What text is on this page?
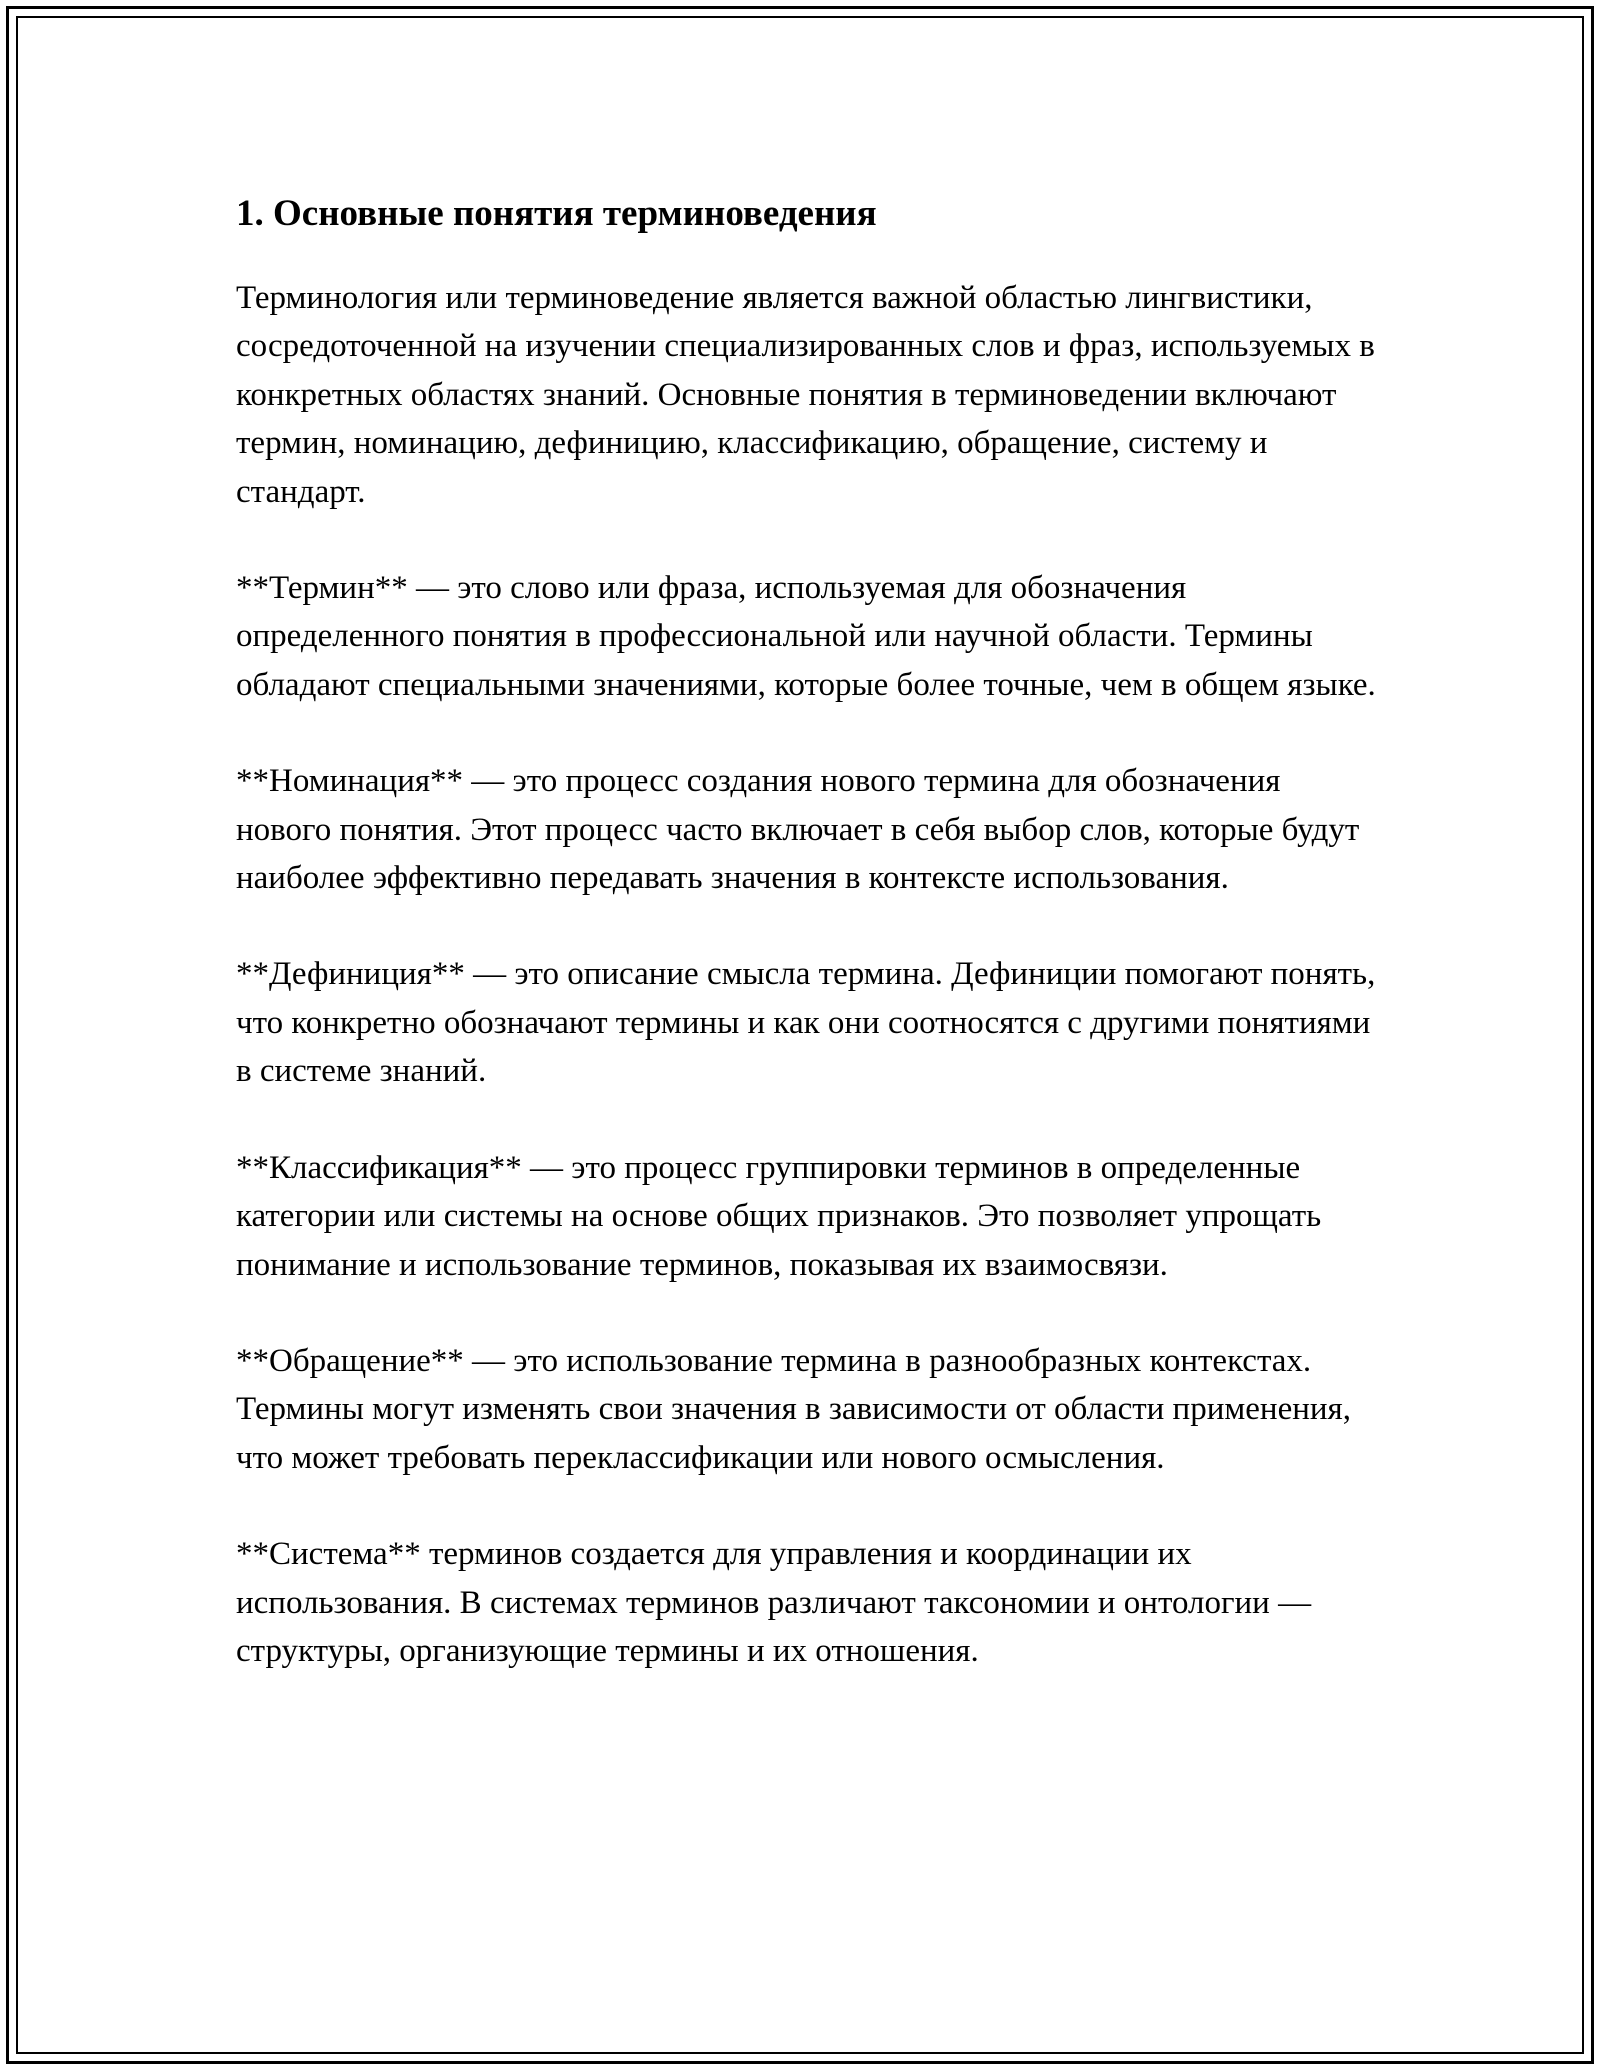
1. Основные понятия терминоведения

Терминология или терминоведение является важной областью лингвистики, сосредоточенной на изучении специализированных слов и фраз, используемых в конкретных областях знаний. Основные понятия в терминоведении включают термин, номинацию, дефиницию, классификацию, обращение, систему и стандарт.

**Термин** — это слово или фраза, используемая для обозначения определенного понятия в профессиональной или научной области. Термины обладают специальными значениями, которые более точные, чем в общем языке.

**Номинация** — это процесс создания нового термина для обозначения нового понятия. Этот процесс часто включает в себя выбор слов, которые будут наиболее эффективно передавать значения в контексте использования.

**Дефиниция** — это описание смысла термина. Дефиниции помогают понять, что конкретно обозначают термины и как они соотносятся с другими понятиями в системе знаний.

**Классификация** — это процесс группировки терминов в определенные категории или системы на основе общих признаков. Это позволяет упрощать понимание и использование терминов, показывая их взаимосвязи.

**Обращение** — это использование термина в разнообразных контекстах. Термины могут изменять свои значения в зависимости от области применения, что может требовать переклассификации или нового осмысления.

**Система** терминов создается для управления и координации их использования. В системах терминов различают таксономии и онтологии — структуры, организующие термины и их отношения.
